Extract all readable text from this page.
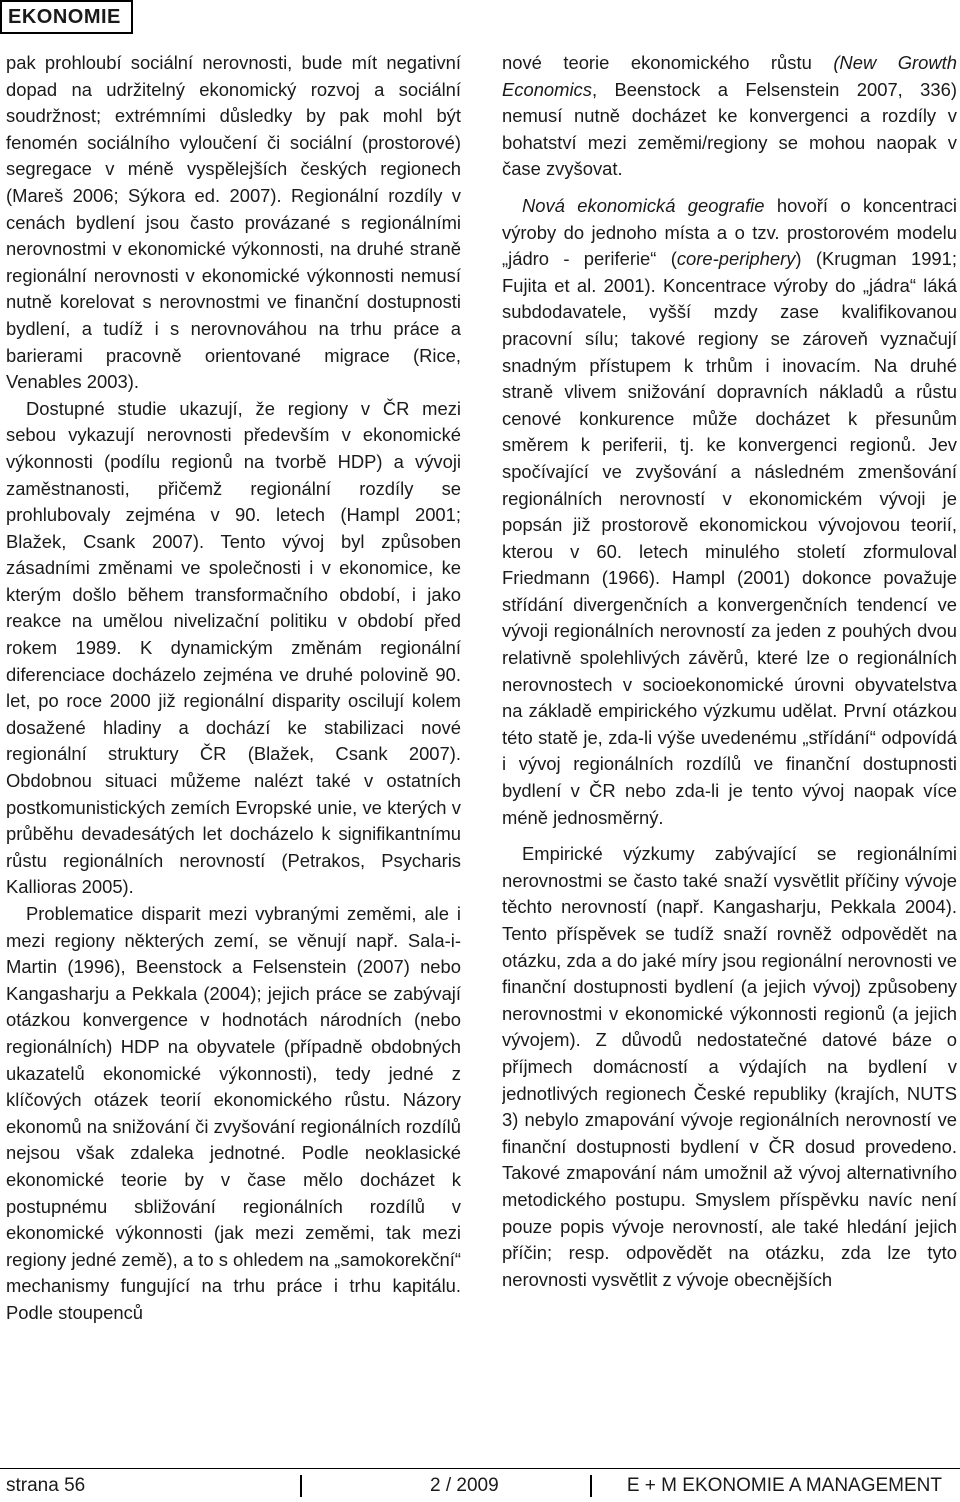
EKONOMIE

pak prohloubí sociální nerovnosti, bude mít negativní dopad na udržitelný ekonomický rozvoj a sociální soudržnost; extrémními důsledky by pak mohl být fenomén sociálního vyloučení či sociální (prostorové) segregace v méně vyspělejších českých regionech (Mareš 2006; Sýkora ed. 2007). Regionální rozdíly v cenách bydlení jsou často provázané s regionálními nerovnostmi v ekonomické výkonnosti, na druhé straně regionální nerovnosti v ekonomické výkonnosti nemusí nutně korelovat s nerovnostmi ve finanční dostupnosti bydlení, a tudíž i s nerovnováhou na trhu práce a barierami pracovně orientované migrace (Rice, Venables 2003).

Dostupné studie ukazují, že regiony v ČR mezi sebou vykazují nerovnosti především v ekonomické výkonnosti (podílu regionů na tvorbě HDP) a vývoji zaměstnanosti, přičemž regionální rozdíly se prohlubovaly zejména v 90. letech (Hampl 2001; Blažek, Csank 2007). Tento vývoj byl způsoben zásadními změnami ve společnosti i v ekonomice, ke kterým došlo během transformačního období, i jako reakce na umělou nivelizační politiku v období před rokem 1989. K dynamickým změnám regionální diferenciace docházelo zejména ve druhé polovině 90. let, po roce 2000 již regionální disparity oscilují kolem dosažené hladiny a dochází ke stabilizaci nové regionální struktury ČR (Blažek, Csank 2007). Obdobnou situaci můžeme nalézt také v ostatních postkomunistických zemích Evropské unie, ve kterých v průběhu devadesátých let docházelo k signifikantnímu růstu regionálních nerovností (Petrakos, Psycharis Kallioras 2005).

Problematice disparit mezi vybranými zeměmi, ale i mezi regiony některých zemí, se věnují např. Sala-i-Martin (1996), Beenstock a Felsenstein (2007) nebo Kangasharju a Pekkala (2004); jejich práce se zabývají otázkou konvergence v hodnotách národních (nebo regionálních) HDP na obyvatele (případně obdobných ukazatelů ekonomické výkonnosti), tedy jedné z klíčových otázek teorií ekonomického růstu. Názory ekonomů na snižování či zvyšování regionálních rozdílů nejsou však zdaleka jednotné. Podle neoklasické ekonomické teorie by v čase mělo docházet k postupnému sbližování regionálních rozdílů v ekonomické výkonnosti (jak mezi zeměmi, tak mezi regiony jedné země), a to s ohledem na „samokorekční“ mechanismy fungující na trhu práce i trhu kapitálu. Podle stoupenců

nové teorie ekonomického růstu (New Growth Economics, Beenstock a Felsenstein 2007, 336) nemusí nutně docházet ke konvergenci a rozdíly v bohatství mezi zeměmi/regiony se mohou naopak v čase zvyšovat.

Nová ekonomická geografie hovoří o koncentraci výroby do jednoho místa a o tzv. prostorovém modelu „jádro - periferie“ (core-periphery) (Krugman 1991; Fujita et al. 2001). Koncentrace výroby do „jádra“ láká subdodavatele, vyšší mzdy zase kvalifikovanou pracovní sílu; takové regiony se zároveň vyznačují snadným přístupem k trhům i inovacím. Na druhé straně vlivem snižování dopravních nákladů a růstu cenové konkurence může docházet k přesunům směrem k periferii, tj. ke konvergenci regionů. Jev spočívající ve zvyšování a následném zmenšování regionálních nerovností v ekonomickém vývoji je popsán již prostorově ekonomickou vývojovou teorií, kterou v 60. letech minulého století zformuloval Friedmann (1966). Hampl (2001) dokonce považuje střídání divergenčních a konvergenčních tendencí ve vývoji regionálních nerovností za jeden z pouhých dvou relativně spolehlivých závěrů, které lze o regionálních nerovnostech v socioekonomické úrovni obyvatelstva na základě empirického výzkumu udělat. První otázkou této statě je, zda-li výše uvedenému „střídání“ odpovídá i vývoj regionálních rozdílů ve finanční dostupnosti bydlení v ČR nebo zda-li je tento vývoj naopak více méně jednosměrný.

Empirické výzkumy zabývající se regionálními nerovnostmi se často také snaží vysvětlit příčiny vývoje těchto nerovností (např. Kangasharju, Pekkala 2004). Tento příspěvek se tudíž snaží rovněž odpovědět na otázku, zda a do jaké míry jsou regionální nerovnosti ve finanční dostupnosti bydlení (a jejich vývoj) způsobeny nerovnostmi v ekonomické výkonnosti regionů (a jejich vývojem). Z důvodů nedostatečné datové báze o příjmech domácností a výdajích na bydlení v jednotlivých regionech České republiky (krajích, NUTS 3) nebylo zmapování vývoje regionálních nerovností ve finanční dostupnosti bydlení v ČR dosud provedeno. Takové zmapování nám umožnil až vývoj alternativního metodického postupu. Smyslem příspěvku navíc není pouze popis vývoje nerovností, ale také hledání jejich příčin; resp. odpovědět na otázku, zda lze tyto nerovnosti vysvětlit z vývoje obecnějších

strana 56	2 / 2009	E + M EKONOMIE A MANAGEMENT
